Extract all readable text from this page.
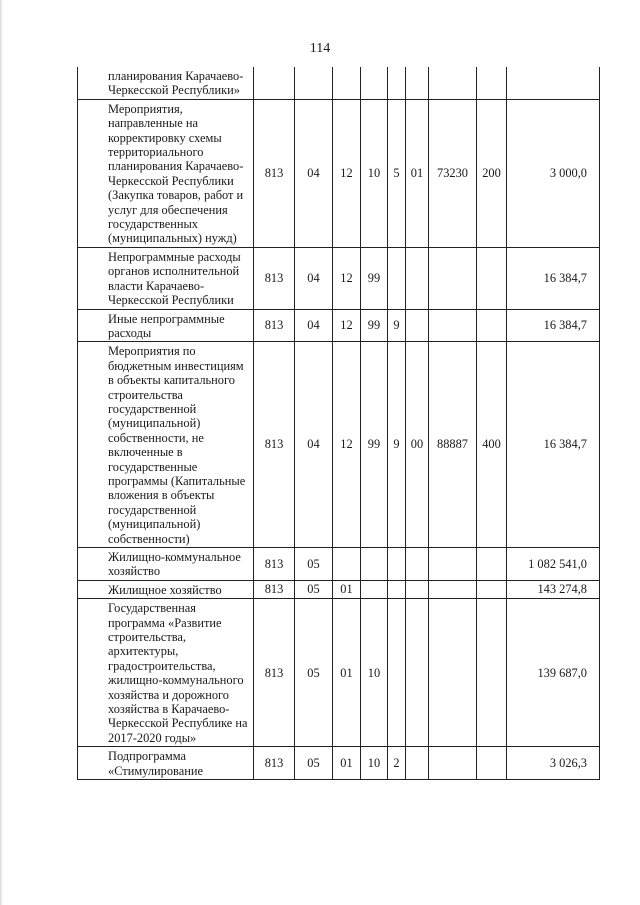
114
планирования Карачаево-Черкесской Республики»									
Мероприятия, направленные на корректировку схемы территориального планирования Карачаево-Черкесской Республики (Закупка товаров, работ и услуг для обеспечения государственных (муниципальных) нужд)	813	04	12	10	5	01	73230	200	3 000,0
Непрограммные расходы органов исполнительной власти Карачаево-Черкесской Республики	813	04	12	99					16 384,7
Иные непрограммные расходы	813	04	12	99	9				16 384,7
Мероприятия по бюджетным инвестициям в объекты капитального строительства государственной (муниципальной) собственности, не включенные в государственные программы (Капитальные вложения в объекты государственной (муниципальной) собственности)	813	04	12	99	9	00	88887	400	16 384,7
Жилищно-коммунальное хозяйство	813	05							1 082 541,0
Жилищное хозяйство	813	05	01						143 274,8
Государственная программа «Развитие строительства, архитектуры, градостроительства, жилищно-коммунального хозяйства и дорожного хозяйства в Карачаево-Черкесской Республике на 2017-2020 годы»	813	05	01	10					139 687,0
Подпрограмма «Стимулирование	813	05	01	10	2				3 026,3
